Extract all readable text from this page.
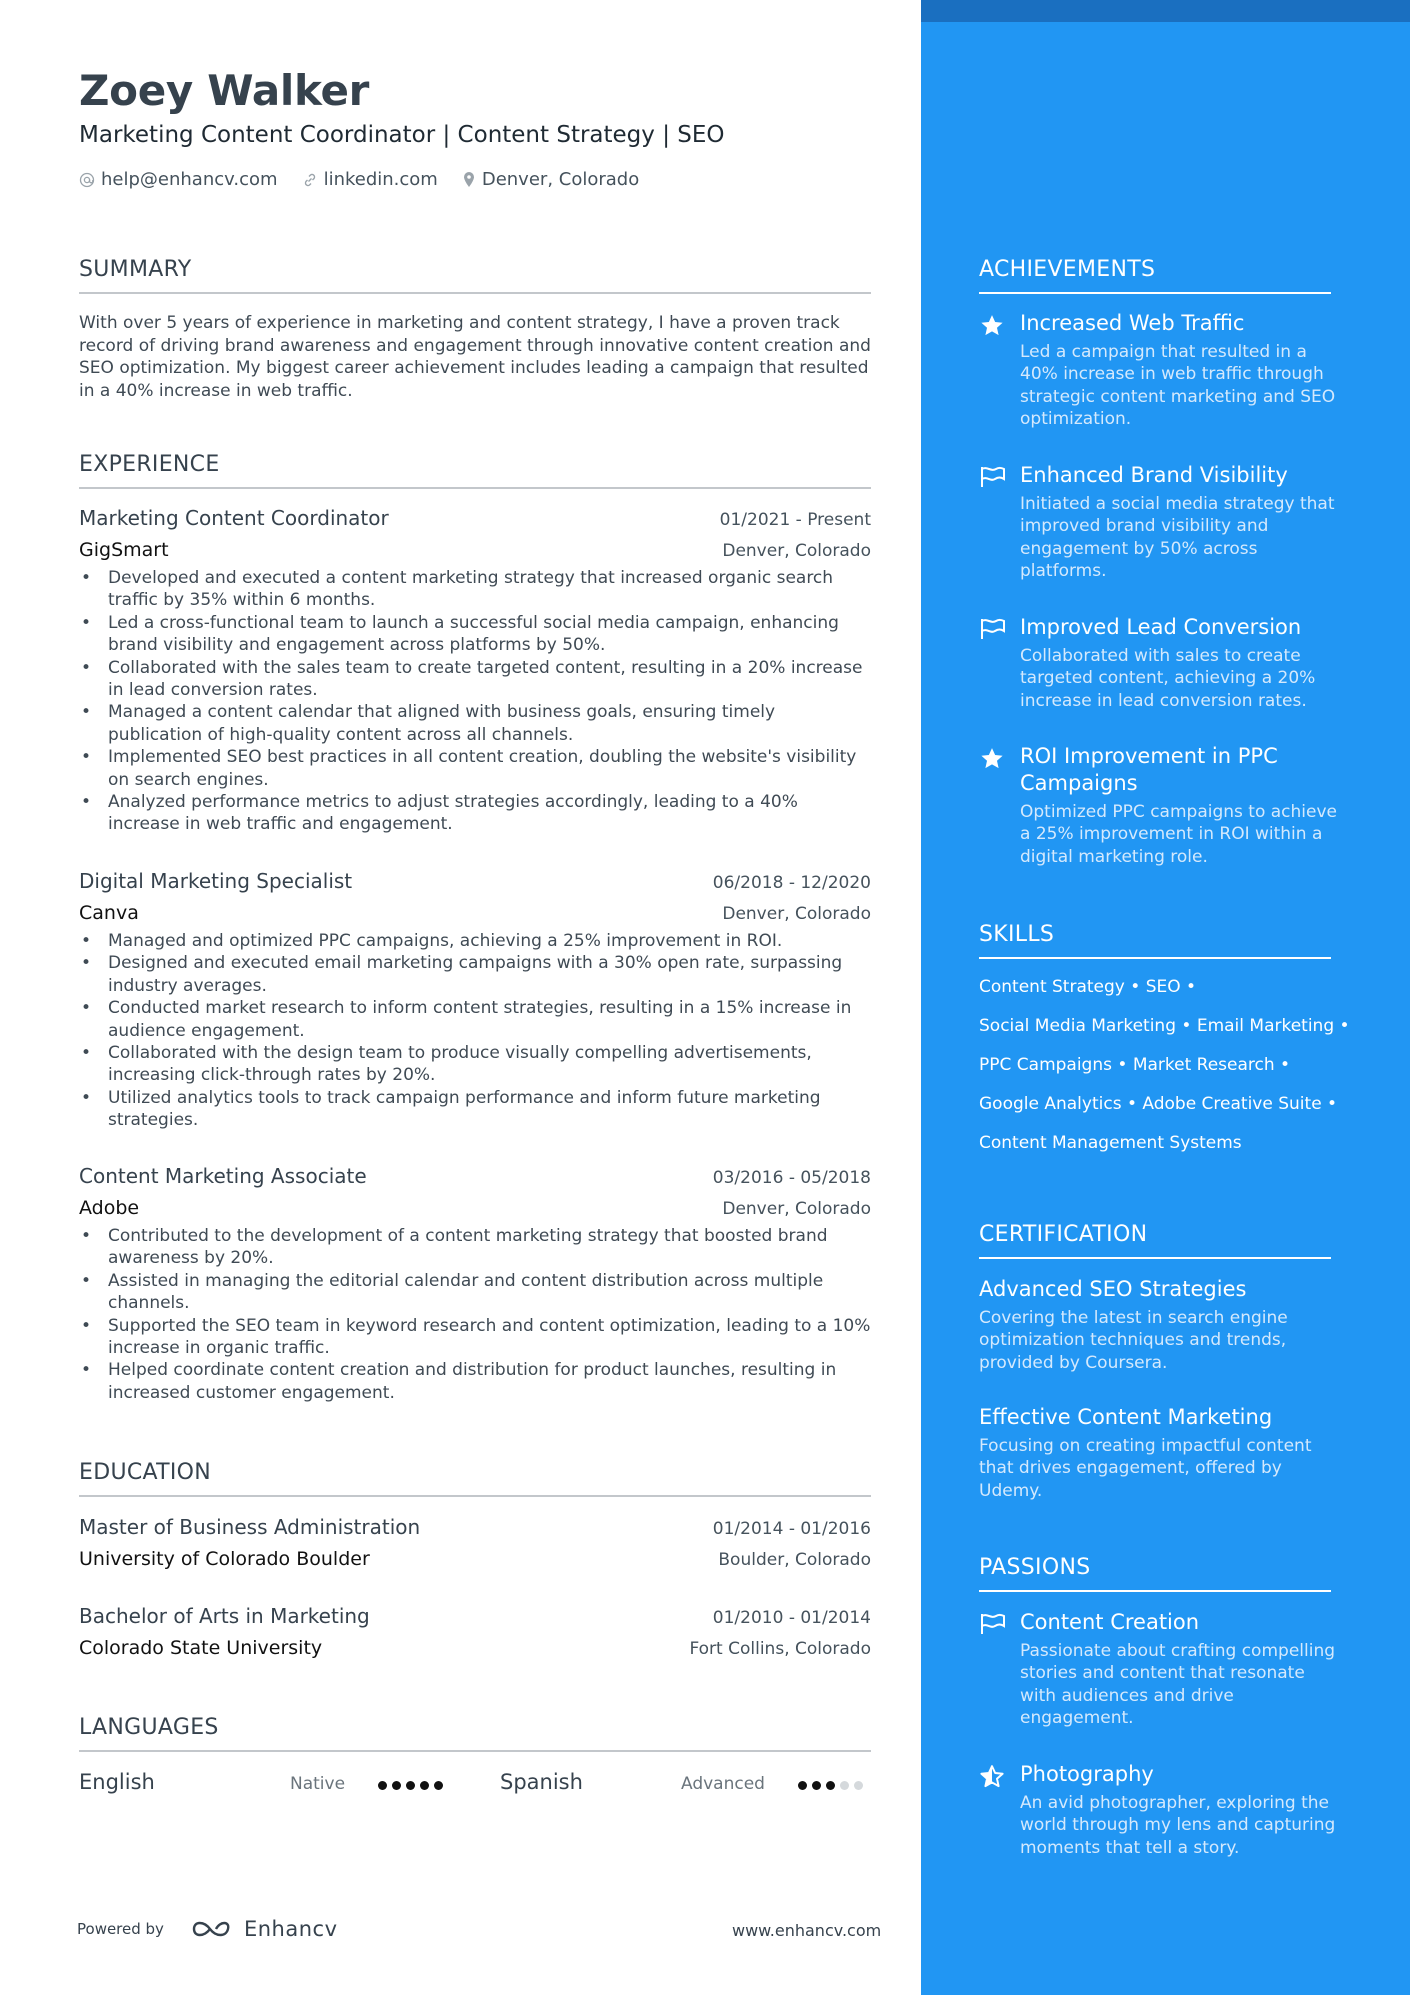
Zoey Walker
Marketing Content Coordinator | Content Strategy | SEO
help@enhancv.com	linkedin.com Denver, Colorado
SUMMARY
With over 5 years of experience in marketing and content strategy, I have a proven track record of driving brand awareness and engagement through innovative content creation and SEO optimization. My biggest career achievement includes leading a campaign that resulted in a 40% increase in web traffic.
EXPERIENCE
Marketing Content Coordinator	01/2021 - Present
GigSmart	Denver, Colorado
• Developed and executed a content marketing strategy that increased organic search traffic by 35% within 6 months.
• Led a cross-functional team to launch a successful social media campaign, enhancing brand visibility and engagement across platforms by 50%.
• Collaborated with the sales team to create targeted content, resulting in a 20% increase in lead conversion rates.
• Managed a content calendar that aligned with business goals, ensuring timely publication of high-quality content across all channels.
• Implemented SEO best practices in all content creation, doubling the website's visibility on search engines.
• Analyzed performance metrics to adjust strategies accordingly, leading to a 40% increase in web traffic and engagement.
Digital Marketing Specialist	06/2018 - 12/2020
Canva	Denver, Colorado
• Managed and optimized PPC campaigns, achieving a 25% improvement in ROI.
• Designed and executed email marketing campaigns with a 30% open rate, surpassing industry averages.
• Conducted market research to inform content strategies, resulting in a 15% increase in audience engagement.
• Collaborated with the design team to produce visually compelling advertisements, increasing click-through rates by 20%.
• Utilized analytics tools to track campaign performance and inform future marketing strategies.
Content Marketing Associate	03/2016 - 05/2018
Adobe	Denver, Colorado
• Contributed to the development of a content marketing strategy that boosted brand awareness by 20%.
• Assisted in managing the editorial calendar and content distribution across multiple channels.
• Supported the SEO team in keyword research and content optimization, leading to a 10% increase in organic traffic.
• Helped coordinate content creation and distribution for product launches, resulting in increased customer engagement.
EDUCATION
Master of Business Administration	01/2014 - 01/2016
University of Colorado Boulder	Boulder, Colorado
Bachelor of Arts in Marketing	01/2010 - 01/2014
Colorado State University	Fort Collins, Colorado
LANGUAGES
English	Native	Spanish	Advanced
Powered by	Enhancv	www.enhancv.com
ACHIEVEMENTS
Increased Web Traffic
Led a campaign that resulted in a 40% increase in web traffic through strategic content marketing and SEO optimization.
Enhanced Brand Visibility
Initiated a social media strategy that improved brand visibility and engagement by 50% across platforms.
Improved Lead Conversion
Collaborated with sales to create targeted content, achieving a 20% increase in lead conversion rates.
ROI Improvement in PPC Campaigns
Optimized PPC campaigns to achieve a 25% improvement in ROI within a digital marketing role.
SKILLS
Content Strategy • SEO •
Social Media Marketing • Email Marketing •
PPC Campaigns • Market Research •
Google Analytics • Adobe Creative Suite •
Content Management Systems
CERTIFICATION
Advanced SEO Strategies
Covering the latest in search engine optimization techniques and trends, provided by Coursera.
Effective Content Marketing
Focusing on creating impactful content that drives engagement, offered by Udemy.
PASSIONS
Content Creation
Passionate about crafting compelling stories and content that resonate with audiences and drive engagement.
Photography
An avid photographer, exploring the world through my lens and capturing moments that tell a story.
